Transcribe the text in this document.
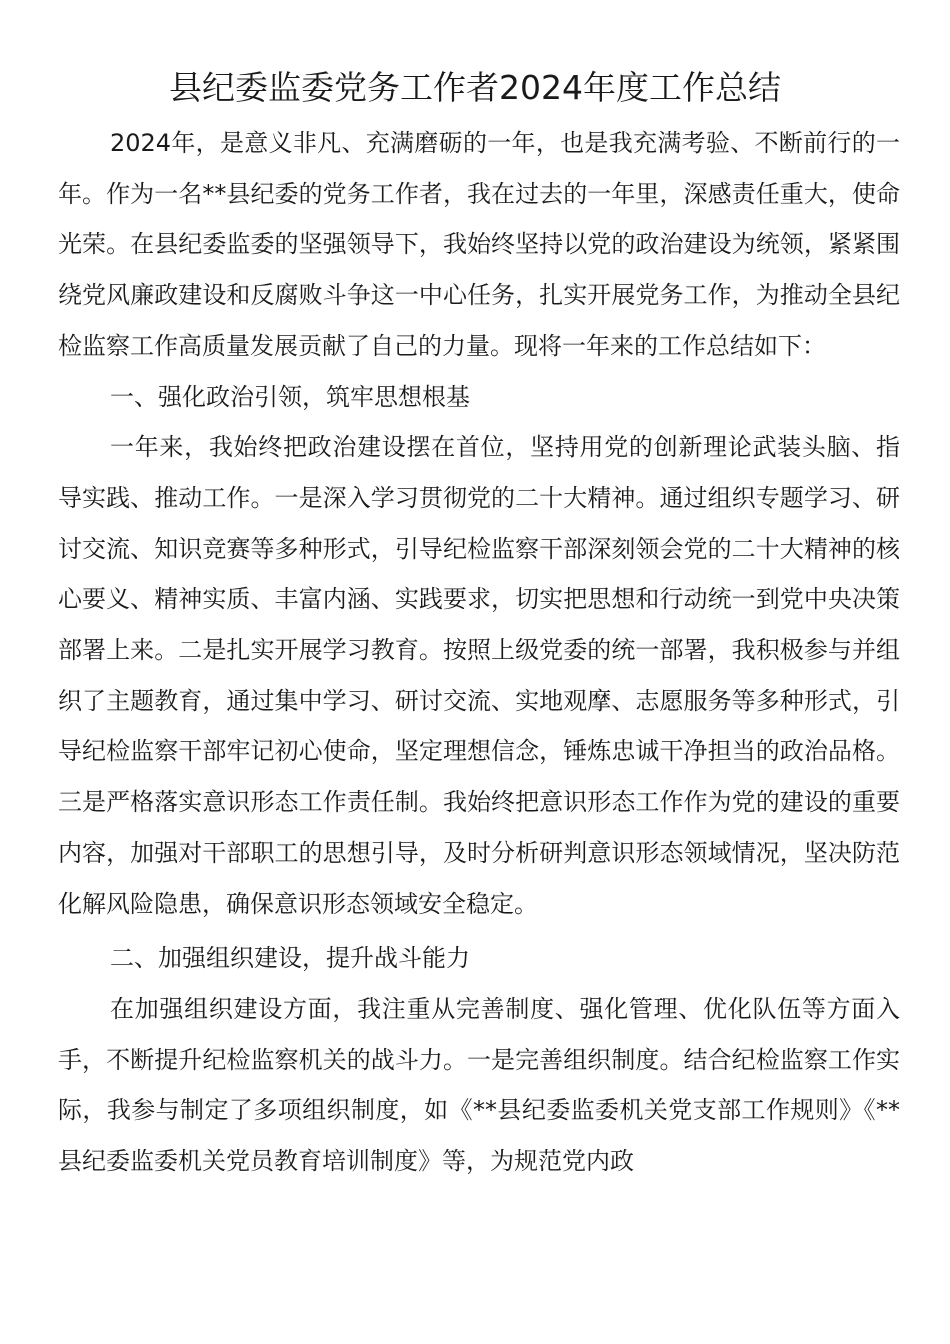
县纪委监委党务工作者2024年度工作总结

2024年，是意义非凡、充满磨砺的一年，也是我充满考验、不断前行的一年。作为一名**县纪委的党务工作者，我在过去的一年里，深感责任重大，使命光荣。在县纪委监委的坚强领导下，我始终坚持以党的政治建设为统领，紧紧围绕党风廉政建设和反腐败斗争这一中心任务，扎实开展党务工作，为推动全县纪检监察工作高质量发展贡献了自己的力量。现将一年来的工作总结如下：

一、强化政治引领，筑牢思想根基

一年来，我始终把政治建设摆在首位，坚持用党的创新理论武装头脑、指导实践、推动工作。一是深入学习贯彻党的二十大精神。通过组织专题学习、研讨交流、知识竞赛等多种形式，引导纪检监察干部深刻领会党的二十大精神的核心要义、精神实质、丰富内涵、实践要求，切实把思想和行动统一到党中央决策部署上来。二是扎实开展学习教育。按照上级党委的统一部署，我积极参与并组织了主题教育，通过集中学习、研讨交流、实地观摩、志愿服务等多种形式，引导纪检监察干部牢记初心使命，坚定理想信念，锤炼忠诚干净担当的政治品格。三是严格落实意识形态工作责任制。我始终把意识形态工作作为党的建设的重要内容，加强对干部职工的思想引导，及时分析研判意识形态领域情况，坚决防范化解风险隐患，确保意识形态领域安全稳定。

二、加强组织建设，提升战斗能力

在加强组织建设方面，我注重从完善制度、强化管理、优化队伍等方面入手，不断提升纪检监察机关的战斗力。一是完善组织制度。结合纪检监察工作实际，我参与制定了多项组织制度，如《**县纪委监委机关党支部工作规则》《**县纪委监委机关党员教育培训制度》等，为规范党内政
